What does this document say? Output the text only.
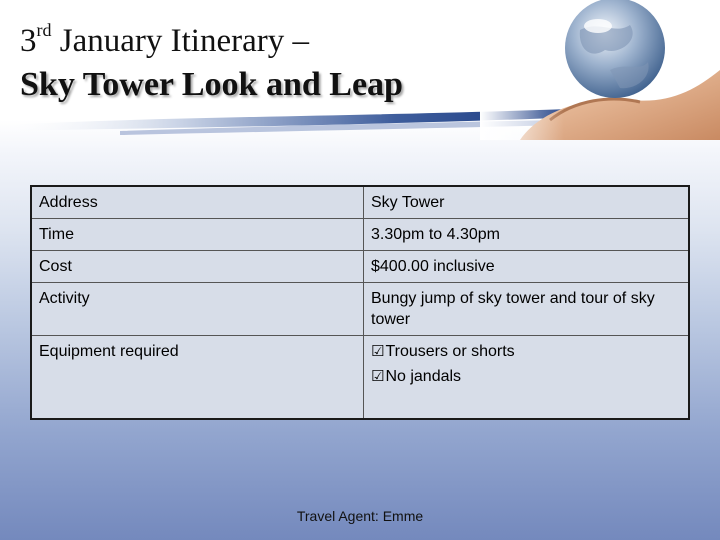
3rd January Itinerary –
Sky Tower Look and Leap
Address	Sky Tower
Time	3.30pm to 4.30pm
Cost	$400.00 inclusive
Activity	Bungy jump of sky tower and tour of sky tower
Equipment required	☑Trousers or shorts
☑No jandals
Travel Agent: Emme
